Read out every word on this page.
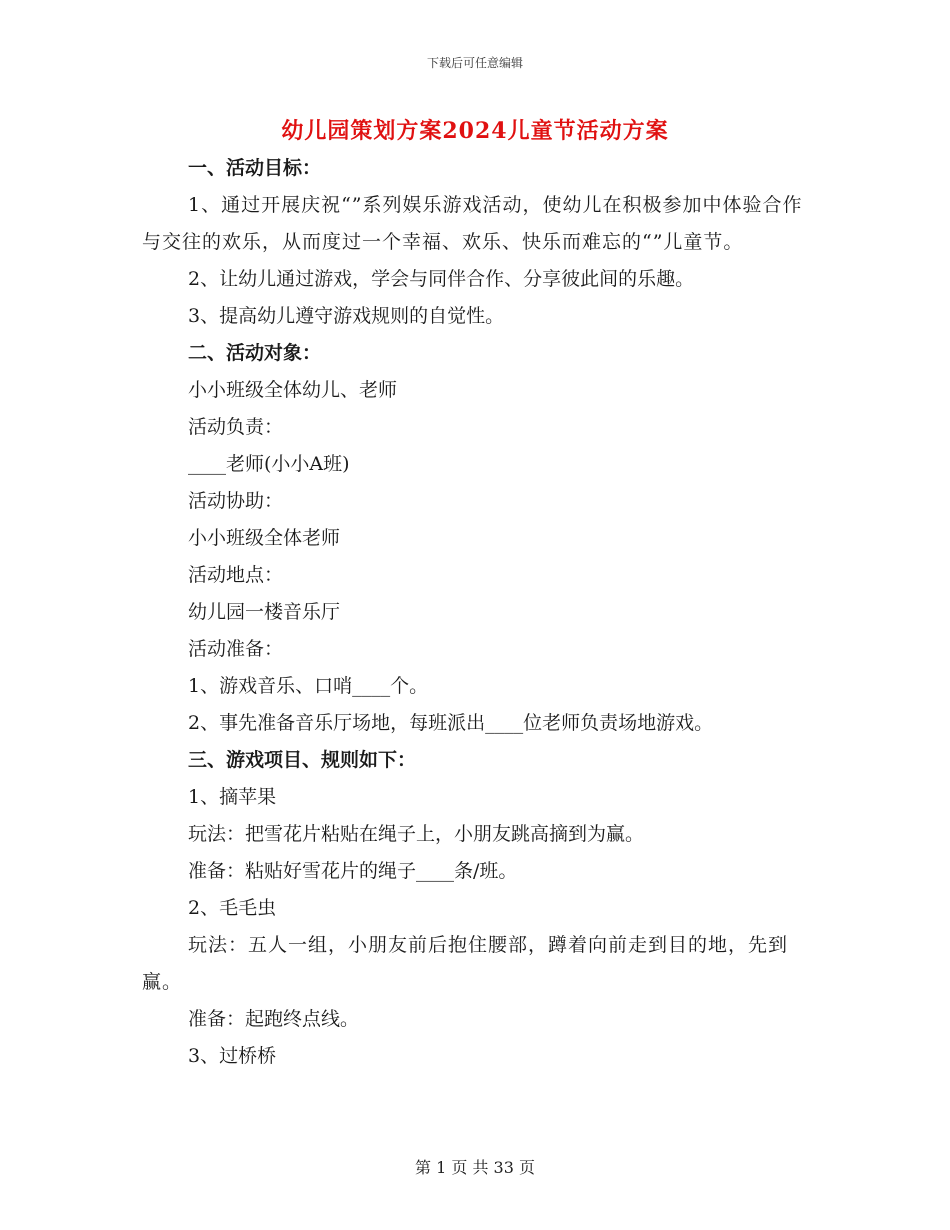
下载后可任意编辑
幼儿园策划方案2024儿童节活动方案
一、活动目标：
1、通过开展庆祝“”系列娱乐游戏活动，使幼儿在积极参加中体验合作与交往的欢乐，从而度过一个幸福、欢乐、快乐而难忘的“”儿童节。
2、让幼儿通过游戏，学会与同伴合作、分享彼此间的乐趣。
3、提高幼儿遵守游戏规则的自觉性。
二、活动对象：
小小班级全体幼儿、老师
活动负责：
____老师(小小A班)
活动协助：
小小班级全体老师
活动地点：
幼儿园一楼音乐厅
活动准备：
1、游戏音乐、口哨____个。
2、事先准备音乐厅场地，每班派出____位老师负责场地游戏。
三、游戏项目、规则如下：
1、摘苹果
玩法：把雪花片粘贴在绳子上，小朋友跳高摘到为赢。
准备：粘贴好雪花片的绳子____条/班。
2、毛毛虫
玩法：五人一组，小朋友前后抱住腰部，蹲着向前走到目的地，先到赢。
准备：起跑终点线。
3、过桥桥
第 1 页 共 33 页
